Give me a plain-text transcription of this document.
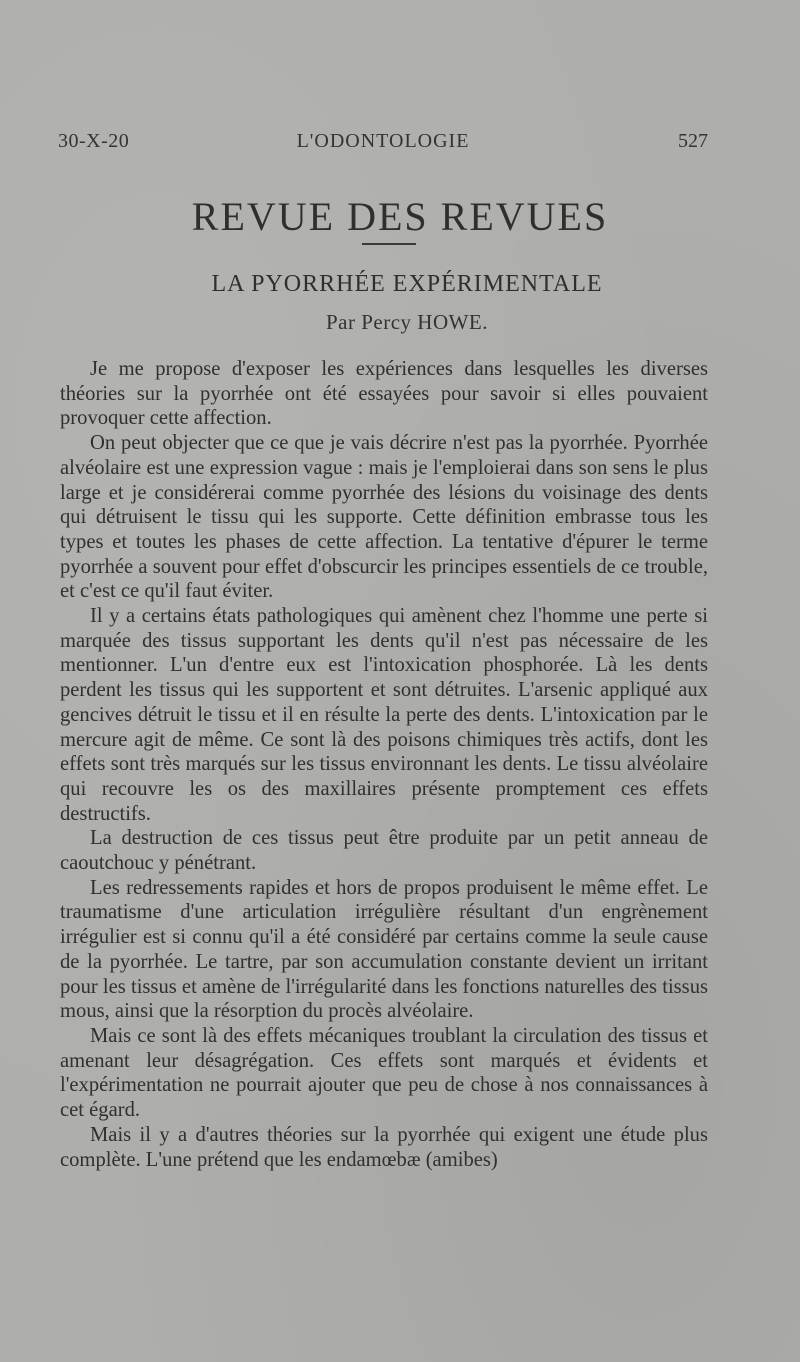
30-X-20	L'ODONTOLOGIE	527
REVUE DES REVUES
LA PYORRHÉE EXPÉRIMENTALE
Par Percy HOWE.

Je me propose d'exposer les expériences dans lesquelles les diverses théories sur la pyorrhée ont été essayées pour savoir si elles pouvaient provoquer cette affection.

On peut objecter que ce que je vais décrire n'est pas la pyorrhée. Pyorrhée alvéolaire est une expression vague : mais je l'emploierai dans son sens le plus large et je considérerai comme pyorrhée des lésions du voisinage des dents qui détruisent le tissu qui les supporte. Cette définition embrasse tous les types et toutes les phases de cette affection. La tentative d'épurer le terme pyorrhée a souvent pour effet d'obscurcir les principes essentiels de ce trouble, et c'est ce qu'il faut éviter.

Il y a certains états pathologiques qui amènent chez l'homme une perte si marquée des tissus supportant les dents qu'il n'est pas nécessaire de les mentionner. L'un d'entre eux est l'intoxication phosphorée. Là les dents perdent les tissus qui les supportent et sont détruites. L'arsenic appliqué aux gencives détruit le tissu et il en résulte la perte des dents. L'intoxication par le mercure agit de même. Ce sont là des poisons chimiques très actifs, dont les effets sont très marqués sur les tissus environnant les dents. Le tissu alvéolaire qui recouvre les os des maxillaires présente promptement ces effets destructifs.

La destruction de ces tissus peut être produite par un petit anneau de caoutchouc y pénétrant.

Les redressements rapides et hors de propos produisent le même effet. Le traumatisme d'une articulation irrégulière résultant d'un engrènement irrégulier est si connu qu'il a été considéré par certains comme la seule cause de la pyorrhée. Le tartre, par son accumulation constante devient un irritant pour les tissus et amène de l'irrégularité dans les fonctions naturelles des tissus mous, ainsi que la résorption du procès alvéolaire.

Mais ce sont là des effets mécaniques troublant la circulation des tissus et amenant leur désagrégation. Ces effets sont marqués et évidents et l'expérimentation ne pourrait ajouter que peu de chose à nos connaissances à cet égard.

Mais il y a d'autres théories sur la pyorrhée qui exigent une étude plus complète. L'une prétend que les endamœbæ (amibes)
